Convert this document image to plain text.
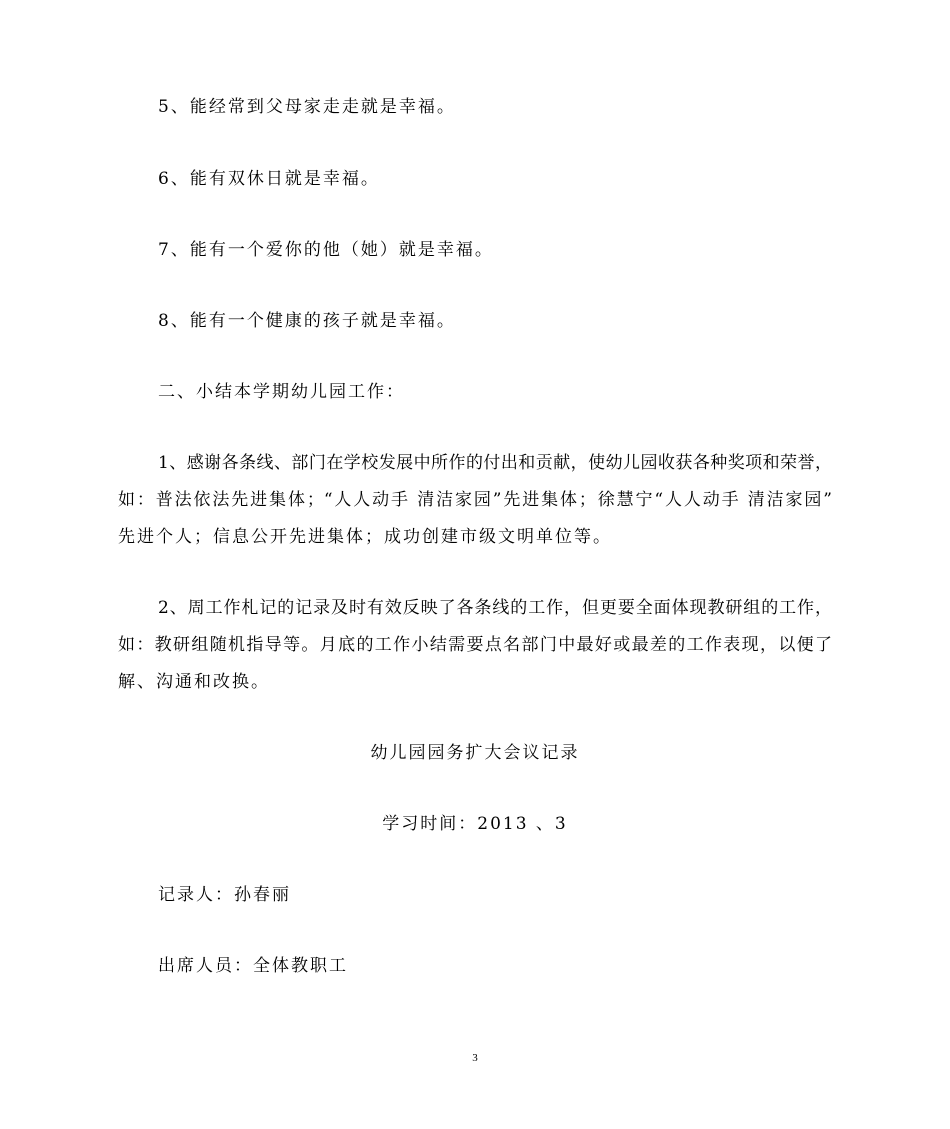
5、能经常到父母家走走就是幸福。
6、能有双休日就是幸福。
7、能有一个爱你的他（她）就是幸福。
8、能有一个健康的孩子就是幸福。
二、小结本学期幼儿园工作：
1、感谢各条线、部门在学校发展中所作的付出和贡献，使幼儿园收获各种奖项和荣誉，
如：普法依法先进集体；“人人动手 清洁家园”先进集体；徐慧宁“人人动手 清洁家园”
先进个人；信息公开先进集体；成功创建市级文明单位等。
2、周工作札记的记录及时有效反映了各条线的工作，但更要全面体现教研组的工作，
如：教研组随机指导等。月底的工作小结需要点名部门中最好或最差的工作表现，以便了
解、沟通和改换。
幼儿园园务扩大会议记录
学习时间：2013 、3
记录人：孙春丽
出席人员：全体教职工
3
